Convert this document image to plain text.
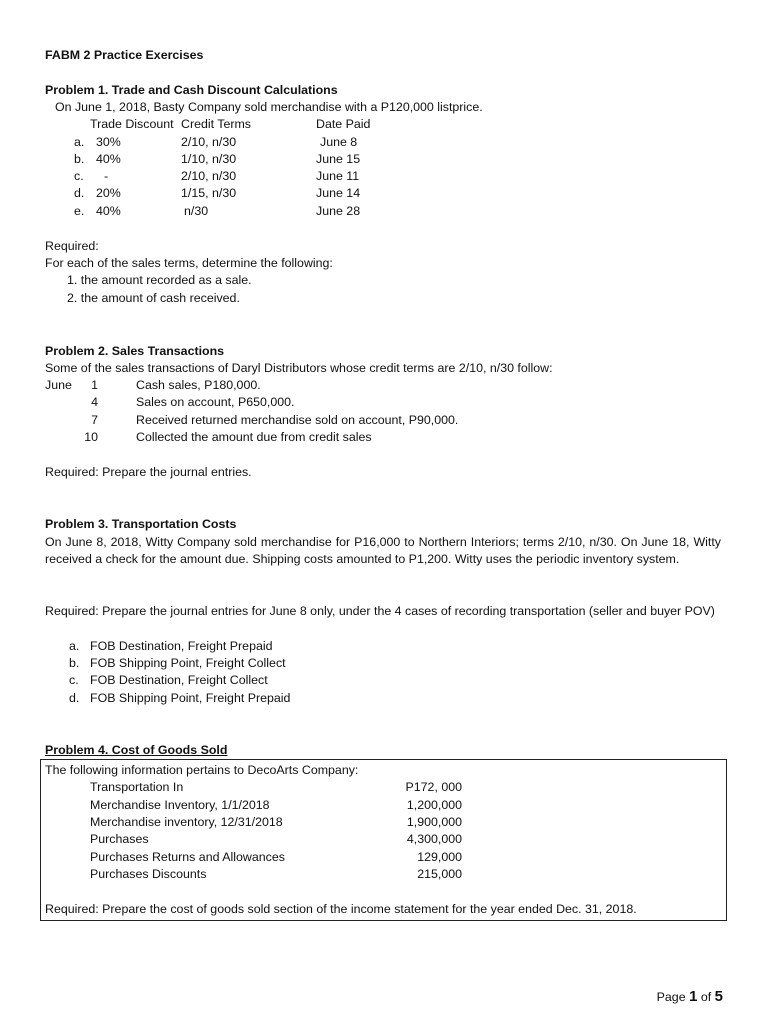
FABM 2 Practice Exercises
Problem 1. Trade and Cash Discount Calculations
On June 1, 2018, Basty Company sold merchandise with a P120,000 listprice.
Trade Discount Credit Terms	Date Paid
a. 30%	2/10, n/30	June 8
b. 40%	1/10, n/30	June 15
c. -	2/10, n/30	June 11
d. 20%	1/15, n/30	June 14
e. 40%	n/30	June 28
Required:
For each of the sales terms, determine the following:
1. the amount recorded as a sale.
2. the amount of cash received.
Problem 2. Sales Transactions
Some of the sales transactions of Daryl Distributors whose credit terms are 2/10, n/30 follow:
June	1	Cash sales, P180,000.
4	Sales on account, P650,000.
7	Received returned merchandise sold on account, P90,000.
10	Collected the amount due from credit sales
Required: Prepare the journal entries.
Problem 3. Transportation Costs
On June 8, 2018, Witty Company sold merchandise for P16,000 to Northern Interiors; terms 2/10, n/30. On June 18, Witty received a check for the amount due. Shipping costs amounted to P1,200. Witty uses the periodic inventory system.
Required: Prepare the journal entries for June 8 only, under the 4 cases of recording transportation (seller and buyer POV)
a. FOB Destination, Freight Prepaid
b. FOB Shipping Point, Freight Collect
c. FOB Destination, Freight Collect
d. FOB Shipping Point, Freight Prepaid
Problem 4. Cost of Goods Sold
The following information pertains to DecoArts Company:
Transportation In	P172, 000
Merchandise Inventory, 1/1/2018	1,200,000
Merchandise inventory, 12/31/2018	1,900,000
Purchases	4,300,000
Purchases Returns and Allowances	129,000
Purchases Discounts	215,000
Required: Prepare the cost of goods sold section of the income statement for the year ended Dec. 31, 2018.
Page 1 of 5
